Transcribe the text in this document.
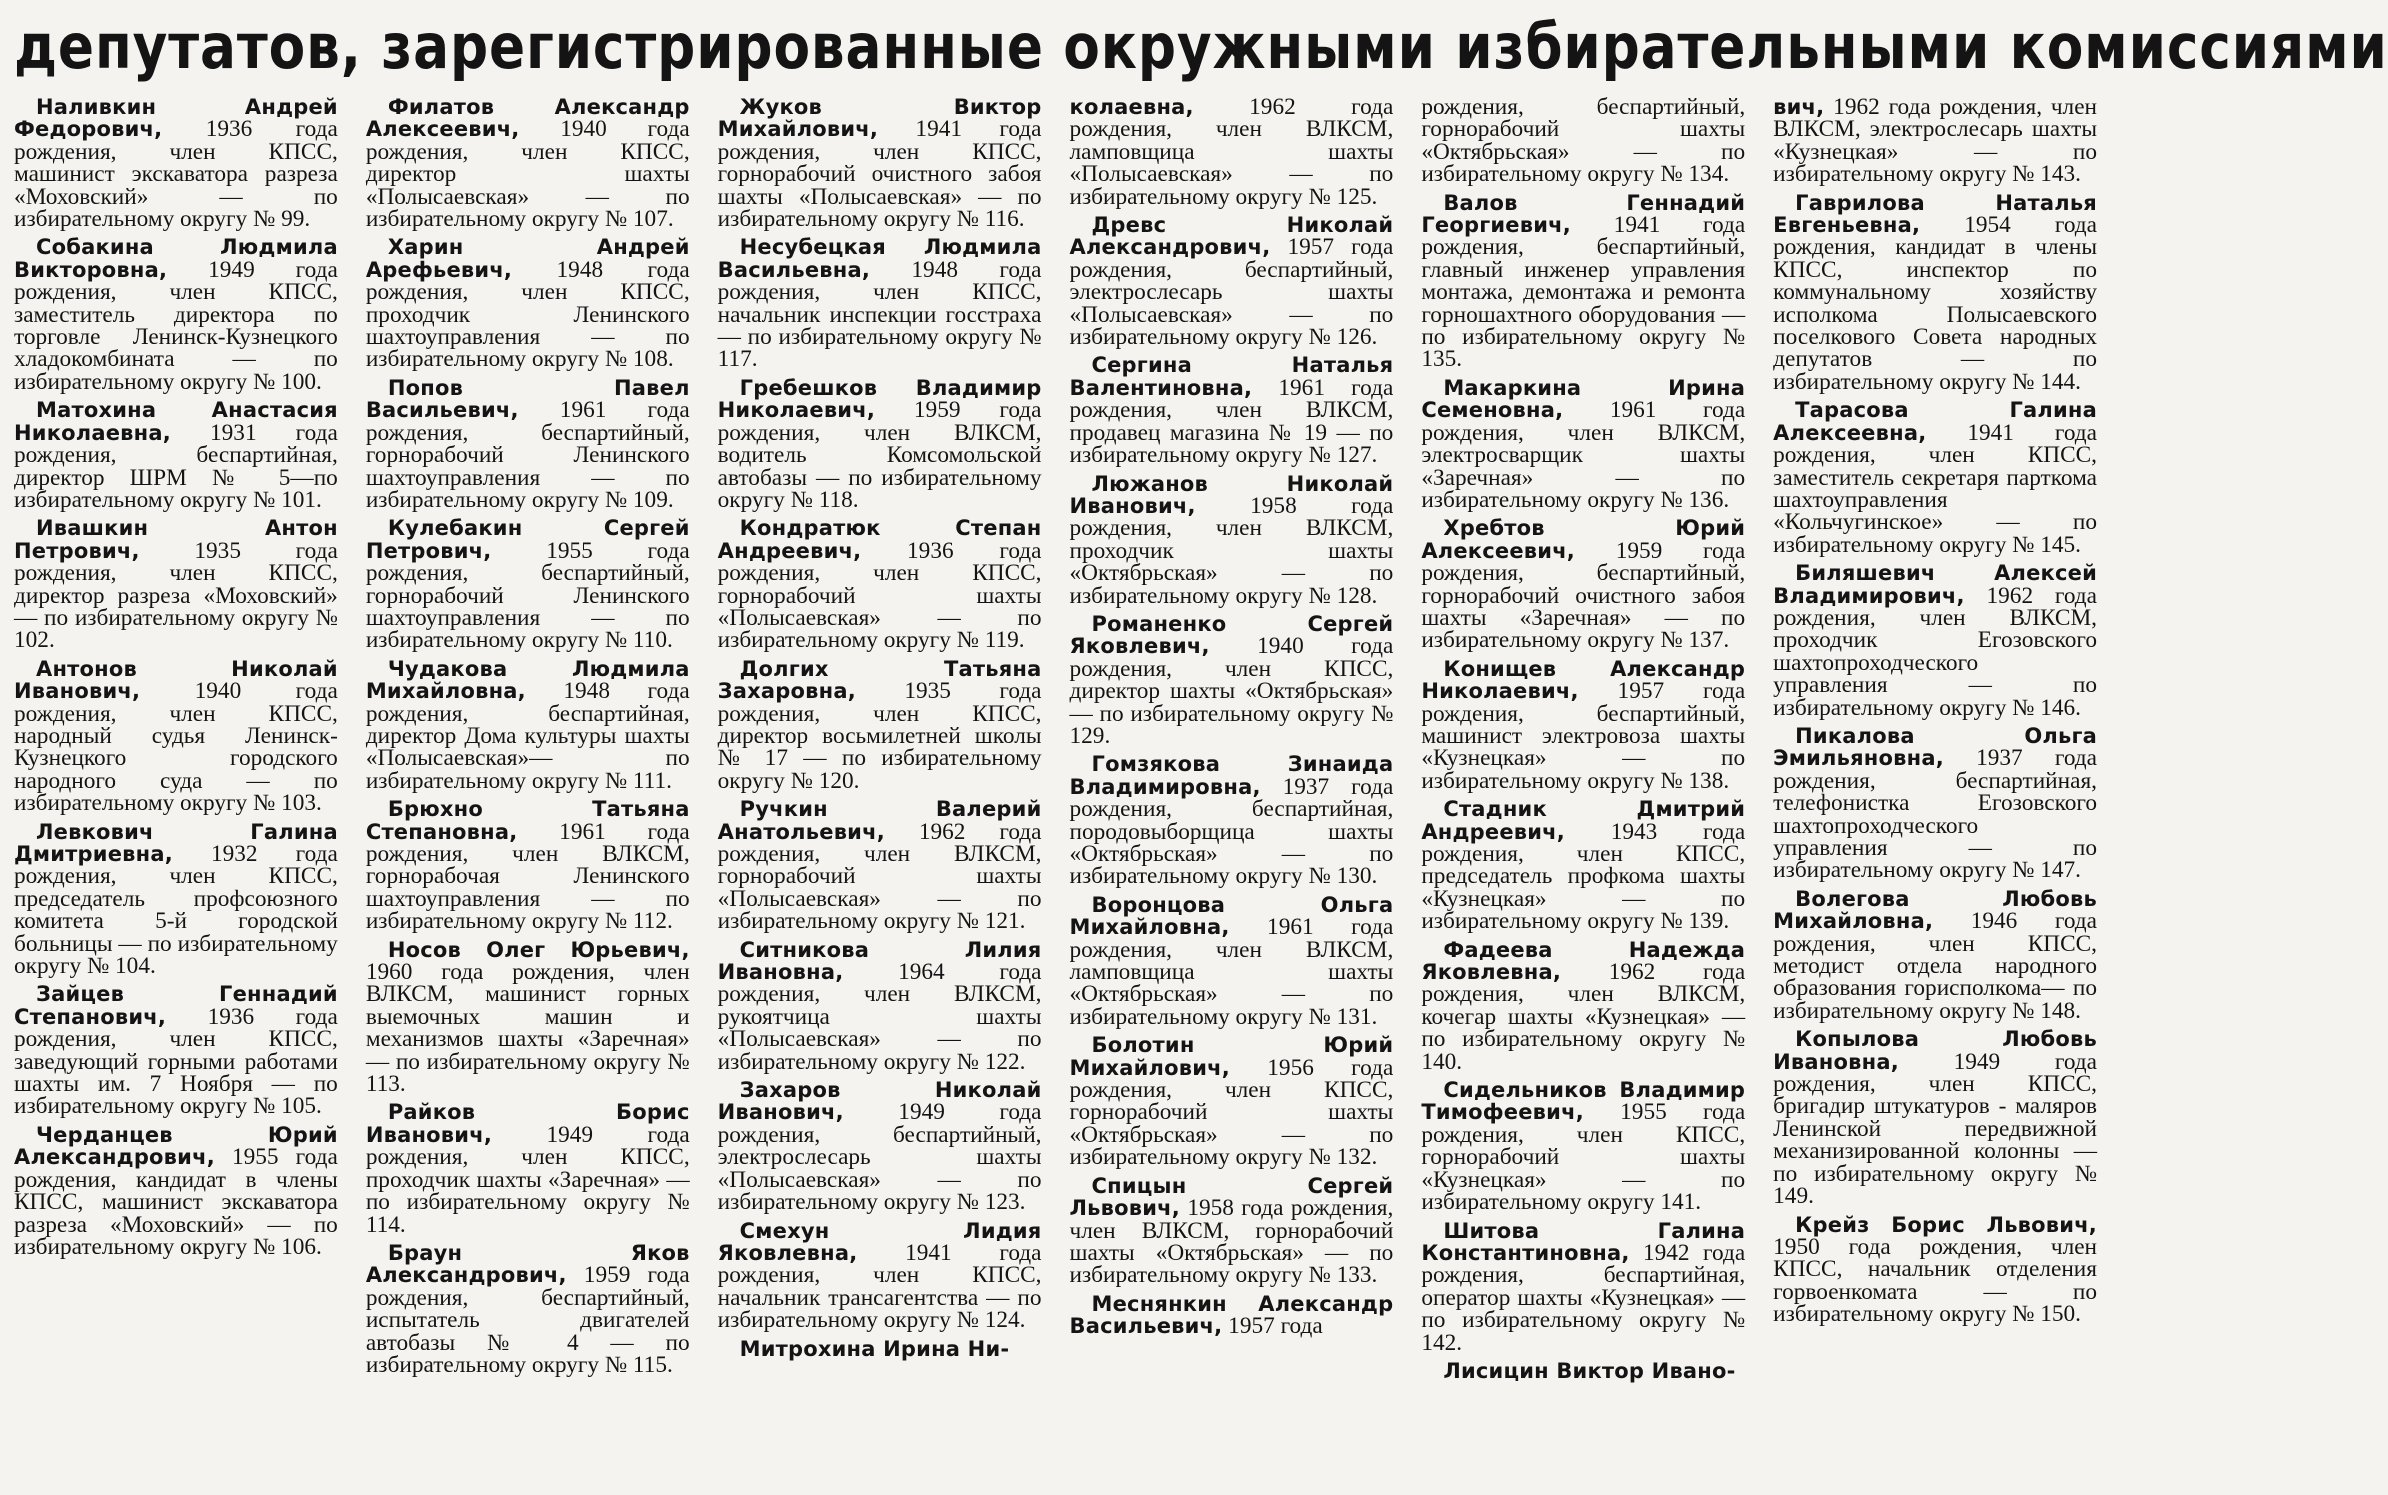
депутатов, зарегистрированные окружными избирательными комиссиями

Наливкин Андрей Федорович, 1936 года рождения, член КПСС, машинист экскаватора разреза «Моховский» — по избирательному округу № 99.

Собакина Людмила Викторовна, 1949 года рождения, член КПСС, заместитель директора по торговле Ленинск-Кузнецкого хладокомбината — по избирательному округу № 100.

Матохина Анастасия Николаевна, 1931 года рождения, беспартийная, директор ШРМ № 5—по избирательному округу № 101.

Ивашкин Антон Петрович, 1935 года рождения, член КПСС, директор разреза «Моховский» — по избирательному округу № 102.

Антонов Николай Иванович, 1940 года рождения, член КПСС, народный судья Ленинск-Кузнецкого городского народного суда — по избирательному округу № 103.

Левкович Галина Дмитриевна, 1932 года рождения, член КПСС, председатель профсоюзного комитета 5-й городской больницы — по избирательному округу № 104.

Зайцев Геннадий Степанович, 1936 года рождения, член КПСС, заведующий горными работами шахты им. 7 Ноября — по избирательному округу № 105.

Черданцев Юрий Александрович, 1955 года рождения, кандидат в члены КПСС, машинист экскаватора разреза «Моховский» — по избирательному округу № 106.

Филатов Александр Алексеевич, 1940 года рождения, член КПСС, директор шахты «Полысаевская» — по избирательному округу № 107.

Харин Андрей Арефьевич, 1948 года рождения, член КПСС, проходчик Ленинского шахтоуправления — по избирательному округу № 108.

Попов Павел Васильевич, 1961 года рождения, беспартийный, горнорабочий Ленинского шахтоуправления — по избирательному округу № 109.

Кулебакин Сергей Петрович, 1955 года рождения, беспартийный, горнорабочий Ленинского шахтоуправления — по избирательному округу № 110.

Чудакова Людмила Михайловна, 1948 года рождения, беспартийная, директор Дома культуры шахты «Полысаевская»— по избирательному округу № 111.

Брюхно Татьяна Степановна, 1961 года рождения, член ВЛКСМ, горнорабочая Ленинского шахтоуправления — по избирательному округу № 112.

Носов Олег Юрьевич, 1960 года рождения, член ВЛКСМ, машинист горных выемочных машин и механизмов шахты «Заречная» — по избирательному округу № 113.

Райков Борис Иванович, 1949 года рождения, член КПСС, проходчик шахты «Заречная» — по избирательному округу № 114.

Браун Яков Александрович, 1959 года рождения, беспартийный, испытатель двигателей автобазы № 4 — по избирательному округу № 115.

Жуков Виктор Михайлович, 1941 года рождения, член КПСС, горнорабочий очистного забоя шахты «Полысаевская» — по избирательному округу № 116.

Несубецкая Людмила Васильевна, 1948 года рождения, член КПСС, начальник инспекции госстраха — по избирательному округу № 117.

Гребешков Владимир Николаевич, 1959 года рождения, член ВЛКСМ, водитель Комсомольской автобазы — по избирательному округу № 118.

Кондратюк Степан Андреевич, 1936 года рождения, член КПСС, горнорабочий шахты «Полысаевская» — по избирательному округу № 119.

Долгих Татьяна Захаровна, 1935 года рождения, член КПСС, директор восьмилетней школы № 17 — по избирательному округу № 120.

Ручкин Валерий Анатольевич, 1962 года рождения, член ВЛКСМ, горнорабочий шахты «Полысаевская» — по избирательному округу № 121.

Ситникова Лилия Ивановна, 1964 года рождения, член ВЛКСМ, рукоятчица шахты «Полысаевская» — по избирательному округу № 122.

Захаров Николай Иванович, 1949 года рождения, беспартийный, электрослесарь шахты «Полысаевская» — по избирательному округу № 123.

Смехун Лидия Яковлевна, 1941 года рождения, член КПСС, начальник трансагентства — по избирательному округу № 124.

Митрохина Ирина Ни-

колаевна, 1962 года рождения, член ВЛКСМ, ламповщица шахты «Полысаевская» — по избирательному округу № 125.

Древс Николай Александрович, 1957 года рождения, беспартийный, электрослесарь шахты «Полысаевская» — по избирательному округу № 126.

Сергина Наталья Валентиновна, 1961 года рождения, член ВЛКСМ, продавец магазина № 19 — по избирательному округу № 127.

Люжанов Николай Иванович, 1958 года рождения, член ВЛКСМ, проходчик шахты «Октябрьская» — по избирательному округу № 128.

Романенко Сергей Яковлевич, 1940 года рождения, член КПСС, директор шахты «Октябрьская» — по избирательному округу № 129.

Гомзякова Зинаида Владимировна, 1937 года рождения, беспартийная, породовыборщица шахты «Октябрьская» — по избирательному округу № 130.

Воронцова Ольга Михайловна, 1961 года рождения, член ВЛКСМ, ламповщица шахты «Октябрьская» — по избирательному округу № 131.

Болотин Юрий Михайлович, 1956 года рождения, член КПСС, горнорабочий шахты «Октябрьская» — по избирательному округу № 132.

Спицын Сергей Львович, 1958 года рождения, член ВЛКСМ, горнорабочий шахты «Октябрьская» — по избирательному округу № 133.

Меснянкин Александр Васильевич, 1957 года

рождения, беспартийный, горнорабочий шахты «Октябрьская» — по избирательному округу № 134.

Валов Геннадий Георгиевич, 1941 года рождения, беспартийный, главный инженер управления монтажа, демонтажа и ремонта горношахтного оборудования — по избирательному округу № 135.

Макаркина Ирина Семеновна, 1961 года рождения, член ВЛКСМ, электросварщик шахты «Заречная» — по избирательному округу № 136.

Хребтов Юрий Алексеевич, 1959 года рождения, беспартийный, горнорабочий очистного забоя шахты «Заречная» — по избирательному округу № 137.

Конищев Александр Николаевич, 1957 года рождения, беспартийный, машинист электровоза шахты «Кузнецкая» — по избирательному округу № 138.

Стадник Дмитрий Андреевич, 1943 года рождения, член КПСС, председатель профкома шахты «Кузнецкая» — по избирательному округу № 139.

Фадеева Надежда Яковлевна, 1962 года рождения, член ВЛКСМ, кочегар шахты «Кузнецкая» — по избирательному округу № 140.

Сидельников Владимир Тимофеевич, 1955 года рождения, член КПСС, горнорабочий шахты «Кузнецкая» — по избирательному округу 141.

Шитова Галина Константиновна, 1942 года рождения, беспартийная, оператор шахты «Кузнецкая» — по избирательному округу № 142.

Лисицин Виктор Ивано-

вич, 1962 года рождения, член ВЛКСМ, электрослесарь шахты «Кузнецкая» — по избирательному округу № 143.

Гаврилова Наталья Евгеньевна, 1954 года рождения, кандидат в члены КПСС, инспектор по коммунальному хозяйству исполкома Полысаевского поселкового Совета народных депутатов — по избирательному округу № 144.

Тарасова Галина Алексеевна, 1941 года рождения, член КПСС, заместитель секретаря парткома шахтоуправления «Кольчугинское» — по избирательному округу № 145.

Биляшевич Алексей Владимирович, 1962 года рождения, член ВЛКСМ, проходчик Егозовского шахтопроходческого управления — по избирательному округу № 146.

Пикалова Ольга Эмильяновна, 1937 года рождения, беспартийная, телефонистка Егозовского шахтопроходческого управления — по избирательному округу № 147.

Волегова Любовь Михайловна, 1946 года рождения, член КПСС, методист отдела народного образования горисполкома— по избирательному округу № 148.

Копылова Любовь Ивановна, 1949 года рождения, член КПСС, бригадир штукатуров - маляров Ленинской передвижной механизированной колонны — по избирательному округу № 149.

Крейз Борис Львович, 1950 года рождения, член КПСС, начальник отделения горвоенкомата — по избирательному округу № 150.
